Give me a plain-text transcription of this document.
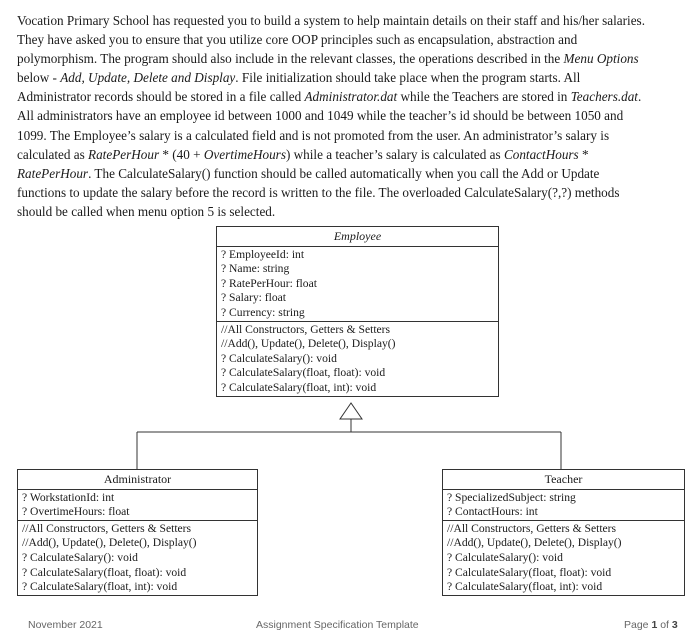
Vocation Primary School has requested you to build a system to help maintain details on their staff and his/her salaries.
They have asked you to ensure that you utilize core OOP principles such as encapsulation, abstraction and
polymorphism. The program should also include in the relevant classes, the operations described in the Menu Options
below - Add, Update, Delete and Display. File initialization should take place when the program starts. All
Administrator records should be stored in a file called Administrator.dat while the Teachers are stored in Teachers.dat.
All administrators have an employee id between 1000 and 1049 while the teacher’s id should be between 1050 and
1099. The Employee’s salary is a calculated field and is not promoted from the user. An administrator’s salary is
calculated as RatePerHour * (40 + OvertimeHours) while a teacher’s salary is calculated as ContactHours *
RatePerHour. The CalculateSalary() function should be called automatically when you call the Add or Update
functions to update the salary before the record is written to the file. The overloaded CalculateSalary(?,?) methods
should be called when menu option 5 is selected.
Employee
? EmployeeId: int
? Name: string
? RatePerHour: float
? Salary: float
? Currency: string
//All Constructors, Getters & Setters
//Add(), Update(), Delete(), Display()
? CalculateSalary(): void
? CalculateSalary(float, float): void
? CalculateSalary(float, int): void
Administrator
? WorkstationId: int
? OvertimeHours: float
//All Constructors, Getters & Setters
//Add(), Update(), Delete(), Display()
? CalculateSalary(): void
? CalculateSalary(float, float): void
? CalculateSalary(float, int): void
Teacher
? SpecializedSubject: string
? ContactHours: int
//All Constructors, Getters & Setters
//Add(), Update(), Delete(), Display()
? CalculateSalary(): void
? CalculateSalary(float, float): void
? CalculateSalary(float, int): void
November 2021	Assignment Specification Template	Page 1 of 3
